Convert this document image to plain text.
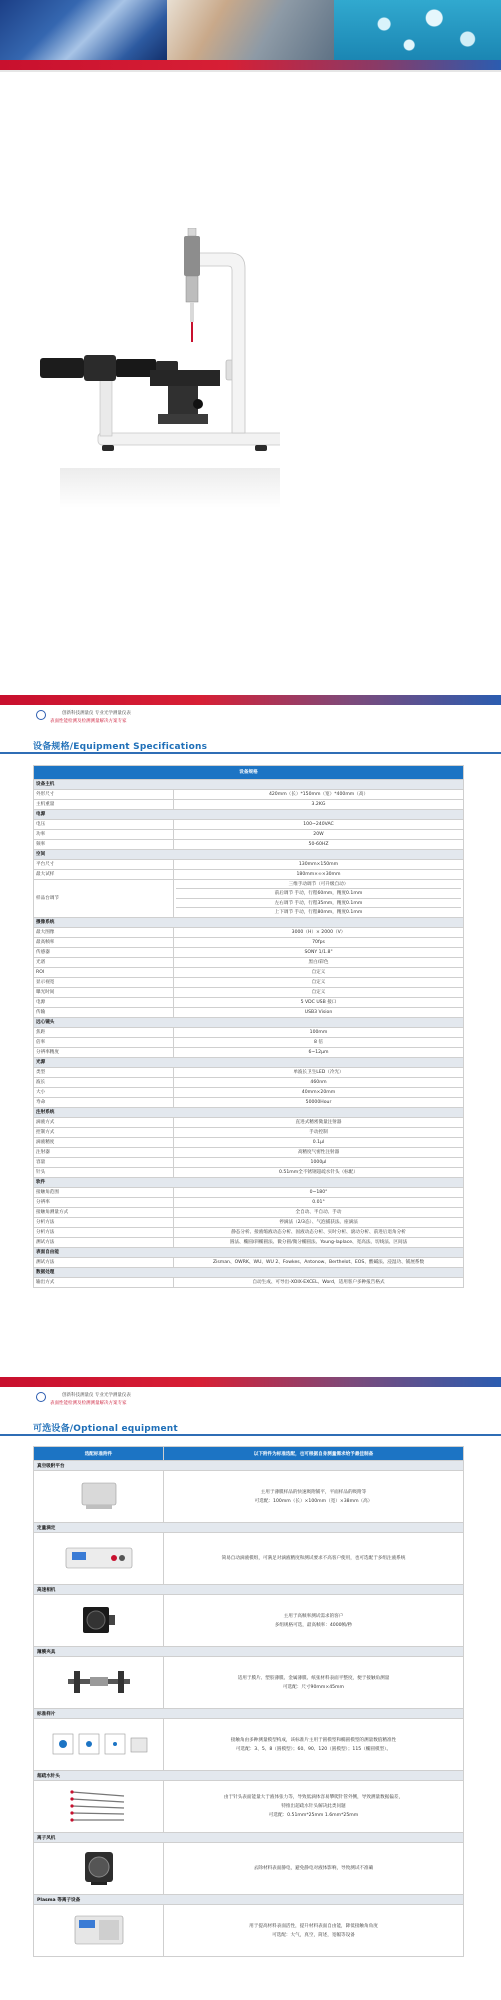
创新科技测量仪 专业光学测量仪表
表面性能检测及检测测量解决方案专家
设备规格/Equipment Specifications
设备规格	
设备主机	
外形尺寸	420mm（长）*150mm（宽）*400mm（高）
主机重量	3.2KG
电源	
电压	100~240VAC
功率	20W
频率	50-60HZ
空间	
平台尺寸	130mm×150mm
最大试样	180mm×∞×30mm
样品台调节	三维手动调节（可升级自动）
前后调节 手动，行程60mm，精度0.1mm
左右调节 手动，行程35mm，精度0.1mm
上下调节 手动，行程80mm，精度0.1mm

摄像系统	
最大图像	3000（H）× 2000（V）
最高帧率	70fps
传感器	SONY 1/1.8"
光谱	黑白/彩色
ROI	自定义
显示视宽	自定义
曝光时间	自定义
电源	5 VDC USB 接口
传输	USB3 Vision
远心镜头	
焦距	100mm
倍率	8 倍
分辨率精度	6~12μm
光源	
类型	单波长卫生LED（冷光）
波长	460nm
大小	40mm×20mm
寿命	50000Hour
注射系统	
滴液方式	直进式精密微量注射器
控制方式	手动控制
滴液精度	0.1μl
注射器	高精度气密性注射器
容量	1000μl
针头	0.51mm全不锈钢超疏水针头（标配）
软件	
接触角范围	0~180°
分辨率	0.01°
接触角测量方式	全自动、半自动、手动
分析方法	停滴法（2/3态）、气泡捕获法、座滴法
分析方法	静态分析、接液缩液动态分析、固液动态分析、实时分析、滚动分析、前进后退角分析
测试方法	圆法、椭圆/斜椭圆法、微分圆/微分椭圆法、Young-laplace、宽高法、切线法、区间法
表面自由能	
测试方法	Zisman、OWRK、WU、WU 2、Fowkes、Antonow、Berthelot、EOS、酸碱法、浸湿功、铺展系数
数据处理	
输出方式	自动生成、可导出-XOIX-EXCEL、Word，适用客户多种报告格式
创新科技测量仪 专业光学测量仪表
表面性能检测及检测测量解决方案专家
可选设备/Optional equipment
选配标准附件	以下附件为标准选配，也可根据自身测量需求给予最佳制备
真空吸附平台	

主用于薄膜样品的快速吸附铺平，平面样品的吸附等
可选配：100mm（长）×100mm（宽）×38mm（高）

定量滴定	

简易自动滴液模组，可满足对滴液精度和测试要求不高客户使用，也可选配于多组注液系统

高速相机	

主用于高帧率测试需求的客户
多组规格可选，最高帧率：4000帧/秒

薄膜夹具	

适用于膜片、塑胶薄膜、金属薄膜、纸张材料表面平整度，便于接触角测量
可选配：尺寸90mm×45mm

标准样片	

接触角由多种测量模型构成，该标准片主用于圆模型和椭圆模型的测量数值精准性
可选配：3、5、8（圆模型）；60、90、120（圆模型）；115（椭圆模型）。

超疏水针头	

由于针头表面能量大于液体张力等，导致低滴体容易攀爬针管外侧，导致测量数据偏差，
特推出超疏水针头解决此类问题
可选配：0.51mm*25mm 1.6mm*25mm

离子风机	

去除材料表面静电，避免静电对液体影响，导致测试不准确

Plasma 等离子设备	

用于提高材料表面活性，提升材料表面自由能，降低接触角角度
可选配：大气，真空，简述，宽幅等设备
